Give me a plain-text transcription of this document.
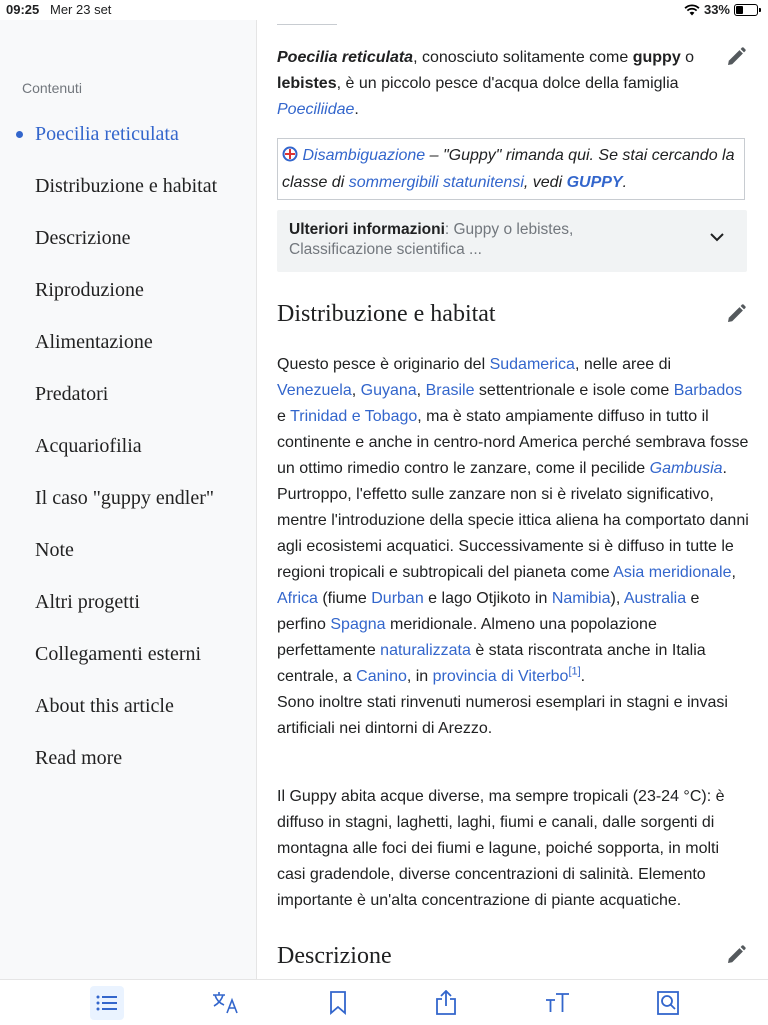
09:25 Mer 23 set	33%
Contenuti
Poecilia reticulata
Distribuzione e habitat
Descrizione
Riproduzione
Alimentazione
Predatori
Acquariofilia
Il caso "guppy endler"
Note
Altri progetti
Collegamenti esterni
About this article
Read more
Poecilia reticulata, conosciuto solitamente come guppy o lebistes, è un piccolo pesce d'acqua dolce della famiglia Poeciliidae.
Disambiguazione – "Guppy" rimanda qui. Se stai cercando la classe di sommergibili statunitensi, vedi GUPPY.
Ulteriori informazioni: Guppy o lebistes, Classificazione scientifica ...
Distribuzione e habitat
Questo pesce è originario del Sudamerica, nelle aree di Venezuela, Guyana, Brasile settentrionale e isole come Barbados e Trinidad e Tobago, ma è stato ampiamente diffuso in tutto il continente e anche in centro-nord America perché sembrava fosse un ottimo rimedio contro le zanzare, come il pecilide Gambusia. Purtroppo, l'effetto sulle zanzare non si è rivelato significativo, mentre l'introduzione della specie ittica aliena ha comportato danni agli ecosistemi acquatici. Successivamente si è diffuso in tutte le regioni tropicali e subtropicali del pianeta come Asia meridionale, Africa (fiume Durban e lago Otjikoto in Namibia), Australia e perfino Spagna meridionale. Almeno una popolazione perfettamente naturalizzata è stata riscontrata anche in Italia centrale, a Canino, in provincia di Viterbo[1].
Sono inoltre stati rinvenuti numerosi esemplari in stagni e invasi artificiali nei dintorni di Arezzo.
Il Guppy abita acque diverse, ma sempre tropicali (23-24 °C): è diffuso in stagni, laghetti, laghi, fiumi e canali, dalle sorgenti di montagna alle foci dei fiumi e lagune, poiché sopporta, in molti casi gradendole, diverse concentrazioni di salinità. Elemento importante è un'alta concentrazione di piante acquatiche.
Descrizione
